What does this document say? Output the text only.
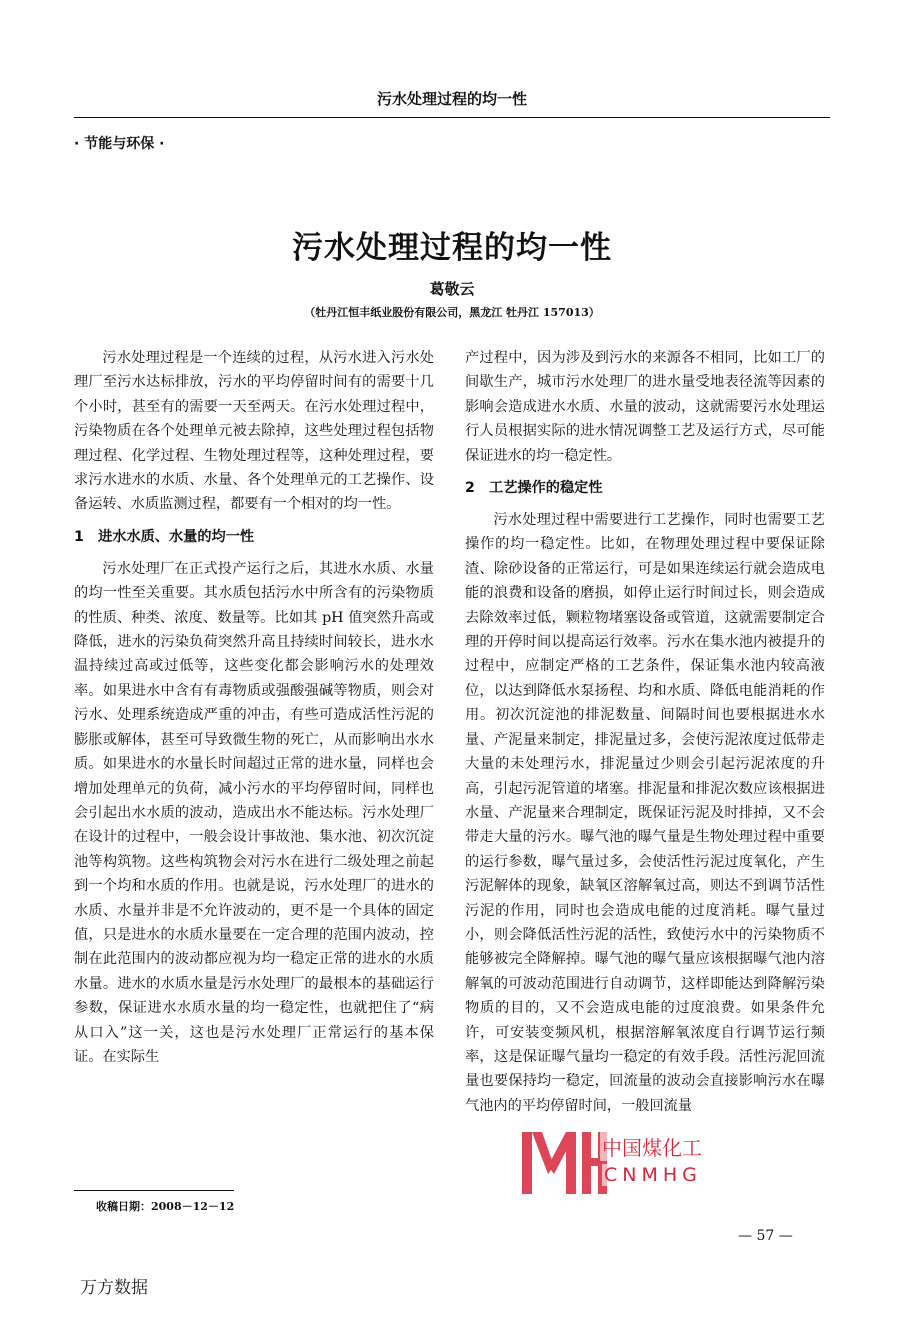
污水处理过程的均一性
· 节能与环保 ·
污水处理过程的均一性
葛敬云
（牡丹江恒丰纸业股份有限公司，黑龙江 牡丹江 157013）

污水处理过程是一个连续的过程，从污水进入污水处理厂至污水达标排放，污水的平均停留时间有的需要十几个小时，甚至有的需要一天至两天。在污水处理过程中，污染物质在各个处理单元被去除掉，这些处理过程包括物理过程、化学过程、生物处理过程等，这种处理过程，要求污水进水的水质、水量、各个处理单元的工艺操作、设备运转、水质监测过程，都要有一个相对的均一性。

1 进水水质、水量的均一性

污水处理厂在正式投产运行之后，其进水水质、水量的均一性至关重要。其水质包括污水中所含有的污染物质的性质、种类、浓度、数量等。比如其 pH 值突然升高或降低，进水的污染负荷突然升高且持续时间较长，进水水温持续过高或过低等，这些变化都会影响污水的处理效率。如果进水中含有有毒物质或强酸强碱等物质，则会对污水、处理系统造成严重的冲击，有些可造成活性污泥的膨胀或解体，甚至可导致微生物的死亡，从而影响出水水质。如果进水的水量长时间超过正常的进水量，同样也会增加处理单元的负荷，减小污水的平均停留时间，同样也会引起出水水质的波动，造成出水不能达标。污水处理厂在设计的过程中，一般会设计事故池、集水池、初次沉淀池等构筑物。这些构筑物会对污水在进行二级处理之前起到一个均和水质的作用。也就是说，污水处理厂的进水的水质、水量并非是不允许波动的，更不是一个具体的固定值，只是进水的水质水量要在一定合理的范围内波动，控制在此范围内的波动都应视为均一稳定正常的进水的水质水量。进水的水质水量是污水处理厂的最根本的基础运行参数，保证进水水质水量的均一稳定性，也就把住了“病从口入”这一关，这也是污水处理厂正常运行的基本保证。在实际生

产过程中，因为涉及到污水的来源各不相同，比如工厂的间歇生产，城市污水处理厂的进水量受地表径流等因素的影响会造成进水水质、水量的波动，这就需要污水处理运行人员根据实际的进水情况调整工艺及运行方式，尽可能保证进水的均一稳定性。

2 工艺操作的稳定性

污水处理过程中需要进行工艺操作，同时也需要工艺操作的均一稳定性。比如，在物理处理过程中要保证除渣、除砂设备的正常运行，可是如果连续运行就会造成电能的浪费和设备的磨损，如停止运行时间过长，则会造成去除效率过低，颗粒物堵塞设备或管道，这就需要制定合理的开停时间以提高运行效率。污水在集水池内被提升的过程中，应制定严格的工艺条件，保证集水池内较高液位，以达到降低水泵扬程、均和水质、降低电能消耗的作用。初次沉淀池的排泥数量、间隔时间也要根据进水水量、产泥量来制定，排泥量过多，会使污泥浓度过低带走大量的未处理污水，排泥量过少则会引起污泥浓度的升高，引起污泥管道的堵塞。排泥量和排泥次数应该根据进水量、产泥量来合理制定，既保证污泥及时排掉，又不会带走大量的污水。曝气池的曝气量是生物处理过程中重要的运行参数，曝气量过多，会使活性污泥过度氧化，产生污泥解体的现象，缺氧区溶解氧过高，则达不到调节活性污泥的作用，同时也会造成电能的过度消耗。曝气量过小，则会降低活性污泥的活性，致使污水中的污染物质不能够被完全降解掉。曝气池的曝气量应该根据曝气池内溶解氧的可波动范围进行自动调节，这样即能达到降解污染物质的目的，又不会造成电能的过度浪费。如果条件允许，可安装变频风机，根据溶解氧浓度自行调节运行频率，这是保证曝气量均一稳定的有效手段。活性污泥回流量也要保持均一稳定，回流量的波动会直接影响污水在曝气池内的平均停留时间，一般回流量

收稿日期：2008－12－12
— 57 —
万方数据
中国煤化工
CNMHG
